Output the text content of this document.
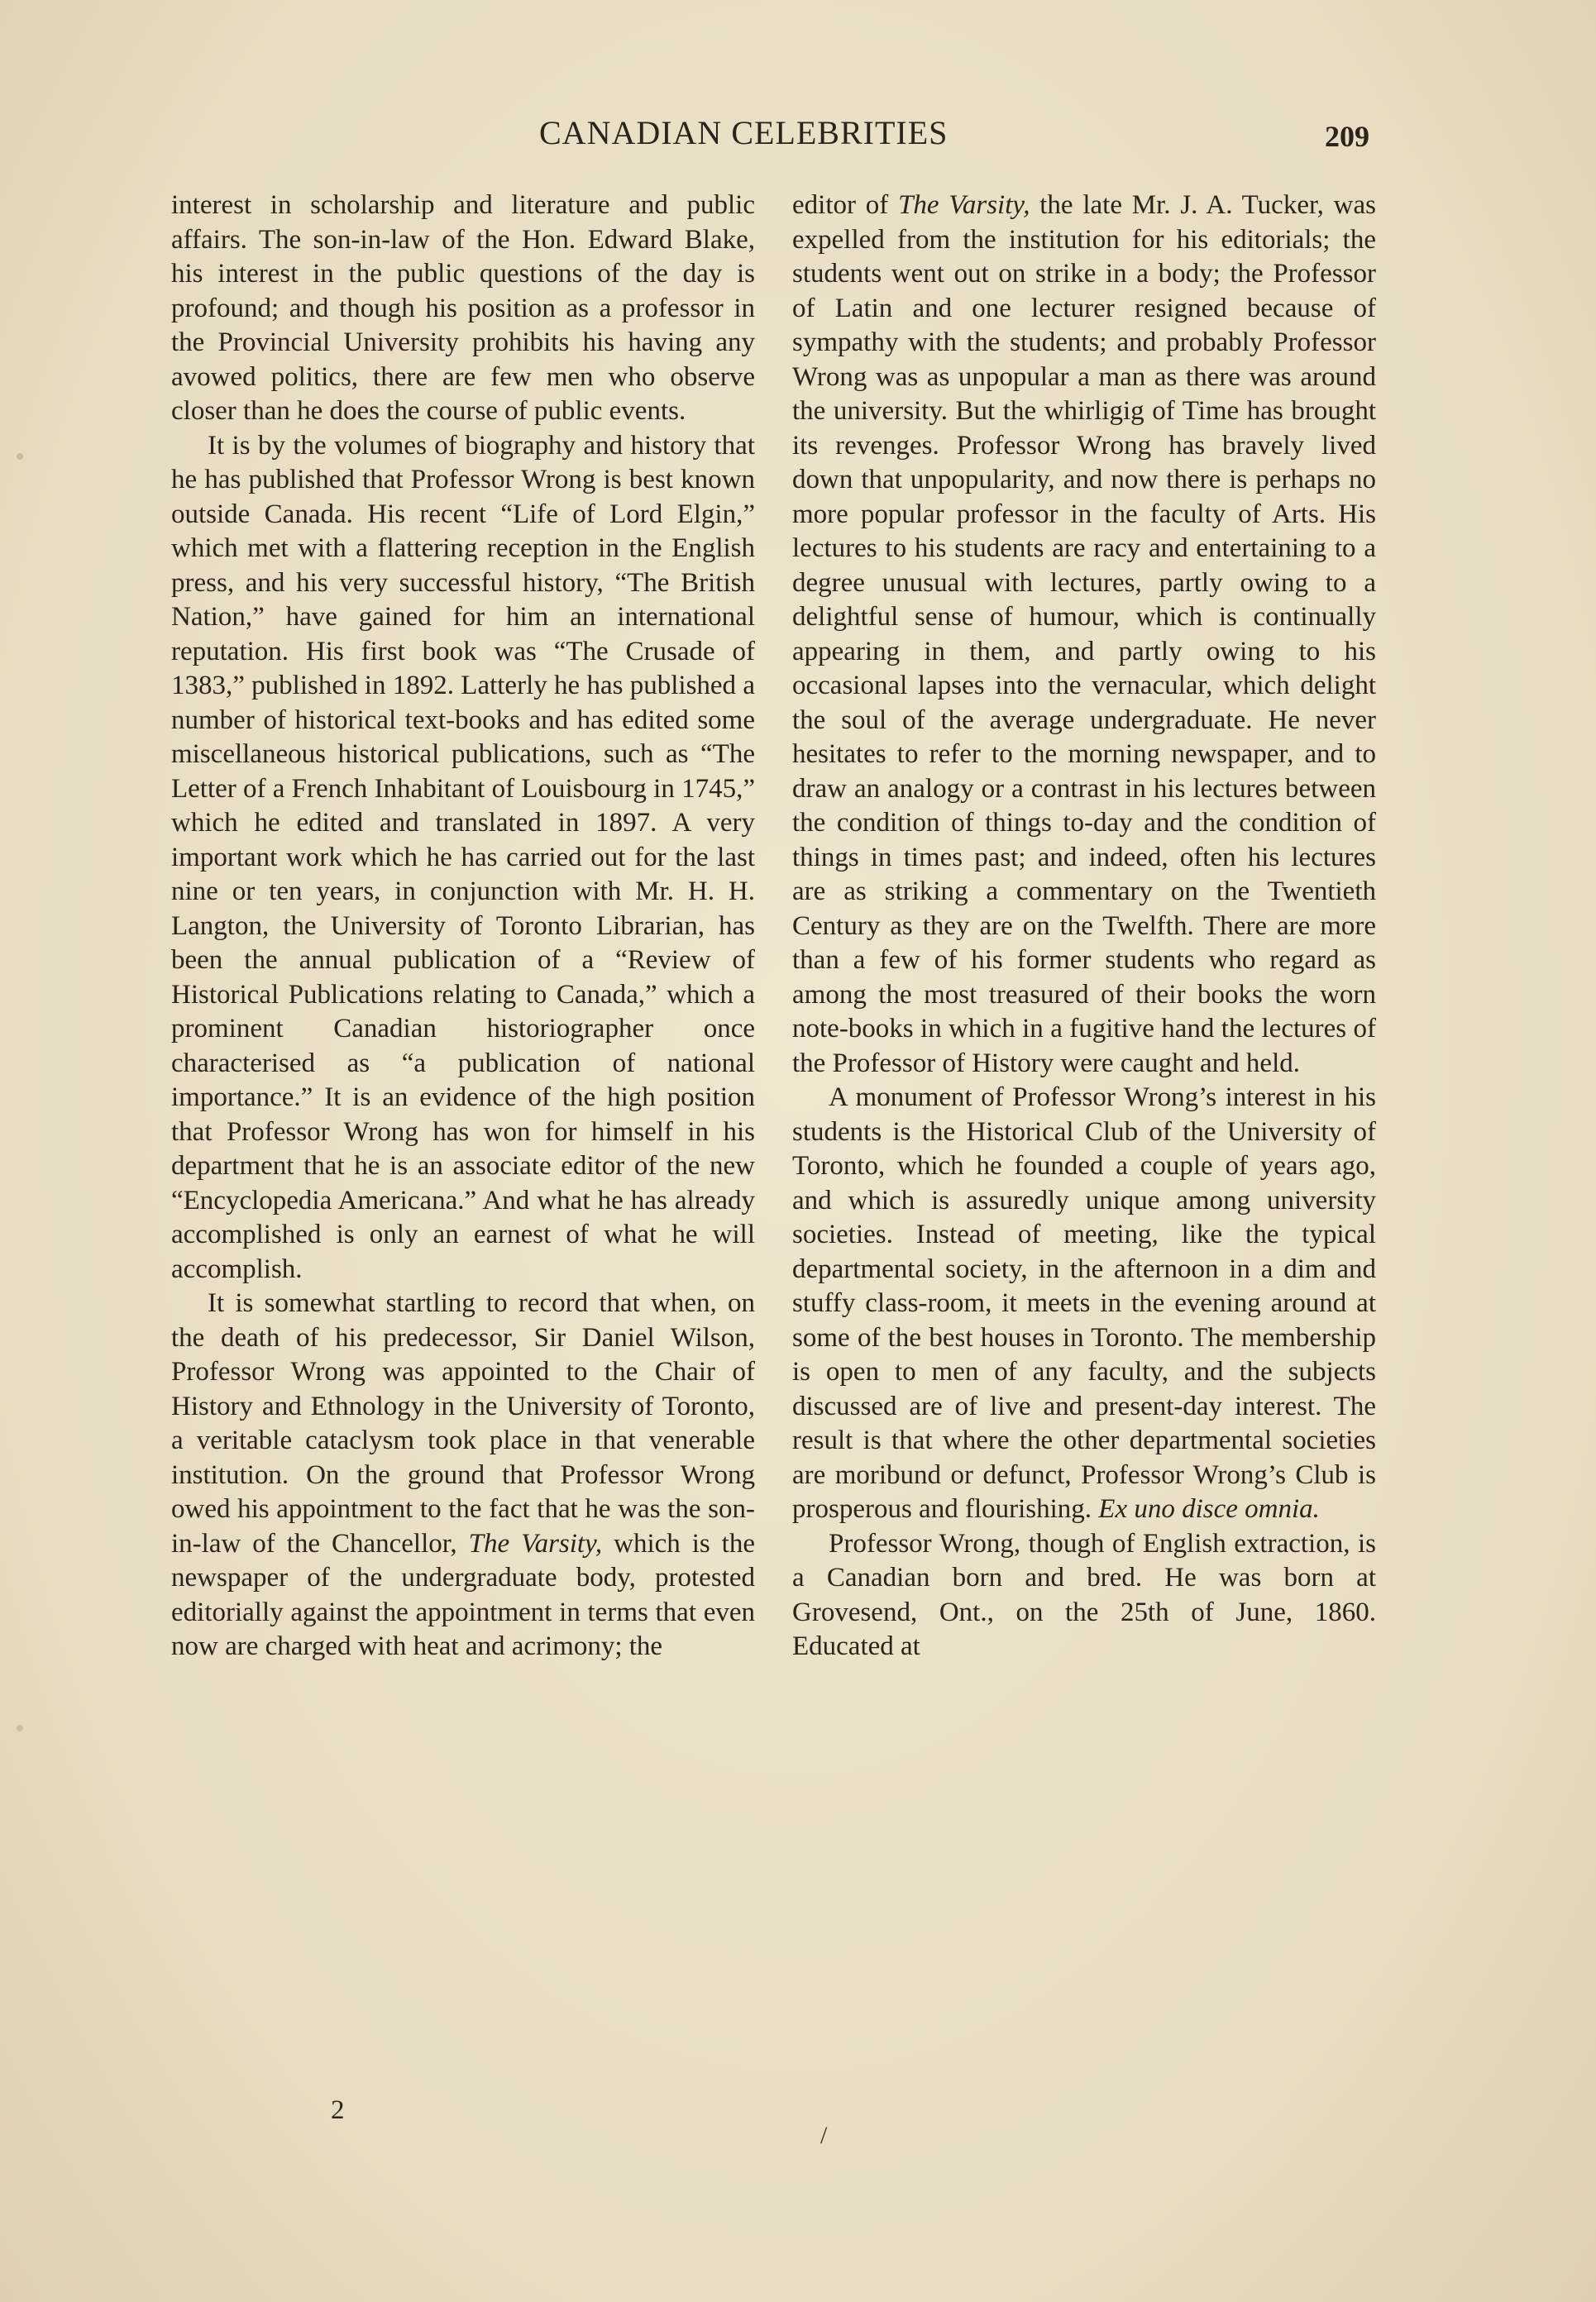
CANADIAN CELEBRITIES	209

interest in scholarship and literature and public affairs. The son-in-law of the Hon. Edward Blake, his interest in the public questions of the day is profound; and though his position as a professor in the Provincial University prohibits his having any avowed politics, there are few men who observe closer than he does the course of public events.

It is by the volumes of biography and history that he has published that Professor Wrong is best known outside Canada. His recent “Life of Lord Elgin,” which met with a flattering reception in the English press, and his very successful history, “The British Nation,” have gained for him an international reputation. His first book was “The Crusade of 1383,” published in 1892. Latterly he has published a number of historical text-books and has edited some miscellaneous historical publications, such as “The Letter of a French Inhabitant of Louisbourg in 1745,” which he edited and translated in 1897. A very important work which he has carried out for the last nine or ten years, in conjunction with Mr. H. H. Langton, the University of Toronto Librarian, has been the annual publication of a “Review of Historical Publications relating to Canada,” which a prominent Canadian historiographer once characterised as “a publication of national importance.” It is an evidence of the high position that Professor Wrong has won for himself in his department that he is an associate editor of the new “Encyclopedia Americana.” And what he has already accomplished is only an earnest of what he will accomplish.

It is somewhat startling to record that when, on the death of his predecessor, Sir Daniel Wilson, Professor Wrong was appointed to the Chair of History and Ethnology in the University of Toronto, a veritable cataclysm took place in that venerable institution. On the ground that Professor Wrong owed his appointment to the fact that he was the son-in-law of the Chancellor, The Varsity, which is the newspaper of the undergraduate body, protested editorially against the appointment in terms that even now are charged with heat and acrimony; the

editor of The Varsity, the late Mr. J. A. Tucker, was expelled from the institution for his editorials; the students went out on strike in a body; the Professor of Latin and one lecturer resigned because of sympathy with the students; and probably Professor Wrong was as unpopular a man as there was around the university. But the whirligig of Time has brought its revenges. Professor Wrong has bravely lived down that unpopularity, and now there is perhaps no more popular professor in the faculty of Arts. His lectures to his students are racy and entertaining to a degree unusual with lectures, partly owing to a delightful sense of humour, which is continually appearing in them, and partly owing to his occasional lapses into the vernacular, which delight the soul of the average undergraduate. He never hesitates to refer to the morning newspaper, and to draw an analogy or a contrast in his lectures between the condition of things to-day and the condition of things in times past; and indeed, often his lectures are as striking a commentary on the Twentieth Century as they are on the Twelfth. There are more than a few of his former students who regard as among the most treasured of their books the worn note-books in which in a fugitive hand the lectures of the Professor of History were caught and held.

A monument of Professor Wrong’s interest in his students is the Historical Club of the University of Toronto, which he founded a couple of years ago, and which is assuredly unique among university societies. Instead of meeting, like the typical departmental society, in the afternoon in a dim and stuffy class-room, it meets in the evening around at some of the best houses in Toronto. The membership is open to men of any faculty, and the subjects discussed are of live and present-day interest. The result is that where the other departmental societies are moribund or defunct, Professor Wrong’s Club is prosperous and flourishing. Ex uno disce omnia.

Professor Wrong, though of English extraction, is a Canadian born and bred. He was born at Grovesend, Ont., on the 25th of June, 1860. Educated at

2
/
